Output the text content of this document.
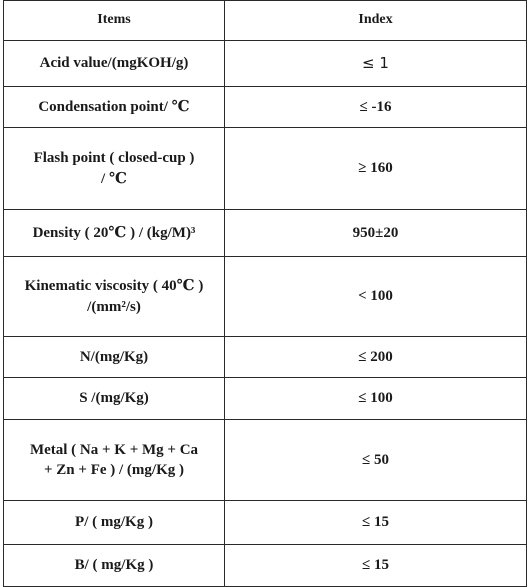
Items	Index
Acid value/(mgKOH/g)	≤ 1
Condensation point/ ℃	≤ -16

Flash point ( closed-cup )
/ ℃	≥ 160
Density ( 20℃ ) / (kg/M)³	950±20

Kinematic viscosity ( 40℃ )
/(mm²/s)	< 100
N/(mg/Kg)	≤ 200
S /(mg/Kg)	≤ 100

Metal ( Na + K + Mg + Ca
+ Zn + Fe ) / (mg/Kg )	≤ 50
P/ ( mg/Kg )	≤ 15
B/ ( mg/Kg )	≤ 15
